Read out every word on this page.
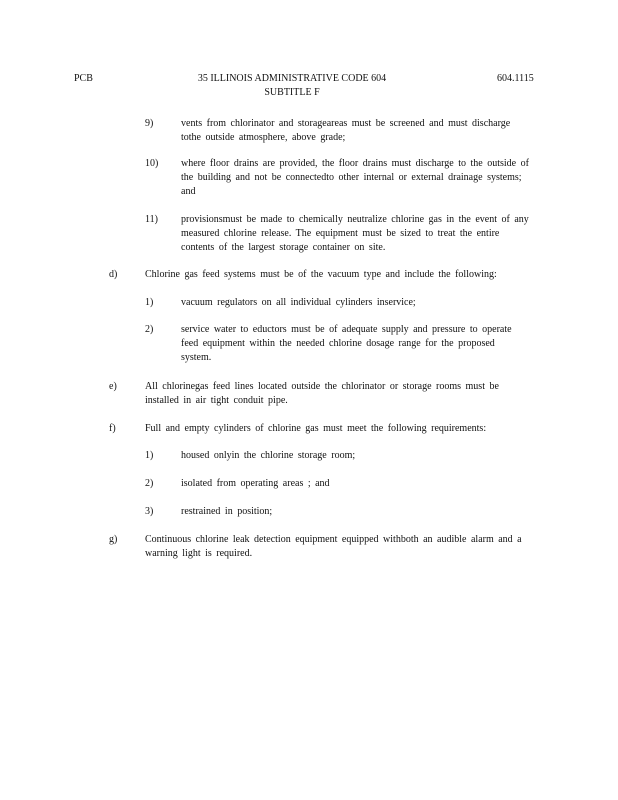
PCB	35 ILLINOIS ADMINISTRATIVE CODE 604
SUBTITLE F
604.1115
9)	vents from chlorinator and storageareas must be screened and must discharge tothe outside atmosphere, above grade;
10) where floor drains are provided, the floor drains must discharge to the outside of the building and not be connectedto other internal or external drainage systems; and
11) provisionsmust be made to chemically neutralize chlorine gas in the event of any measured chlorine release. The equipment must be sized to treat the entire contents of the largest storage container on site.
d)	Chlorine gas feed systems must be of the vacuum type and include the following:
1)	vacuum regulators on all individual cylinders inservice;
2)	service water to eductors must be of adequate supply and pressure to operate feed equipment within the needed chlorine dosage range for the proposed system.
e)	All chlorinegas feed lines located outside the chlorinator or storage rooms must be installed in air tight conduit pipe.
f)	Full and empty cylinders of chlorine gas must meet the following requirements:
1)	housed onlyin the chlorine storage room;
2)	isolated from operating areas ; and
3)	restrained in position;
g)	Continuous chlorine leak detection equipment equipped withboth an audible alarm and a warning light is required.
